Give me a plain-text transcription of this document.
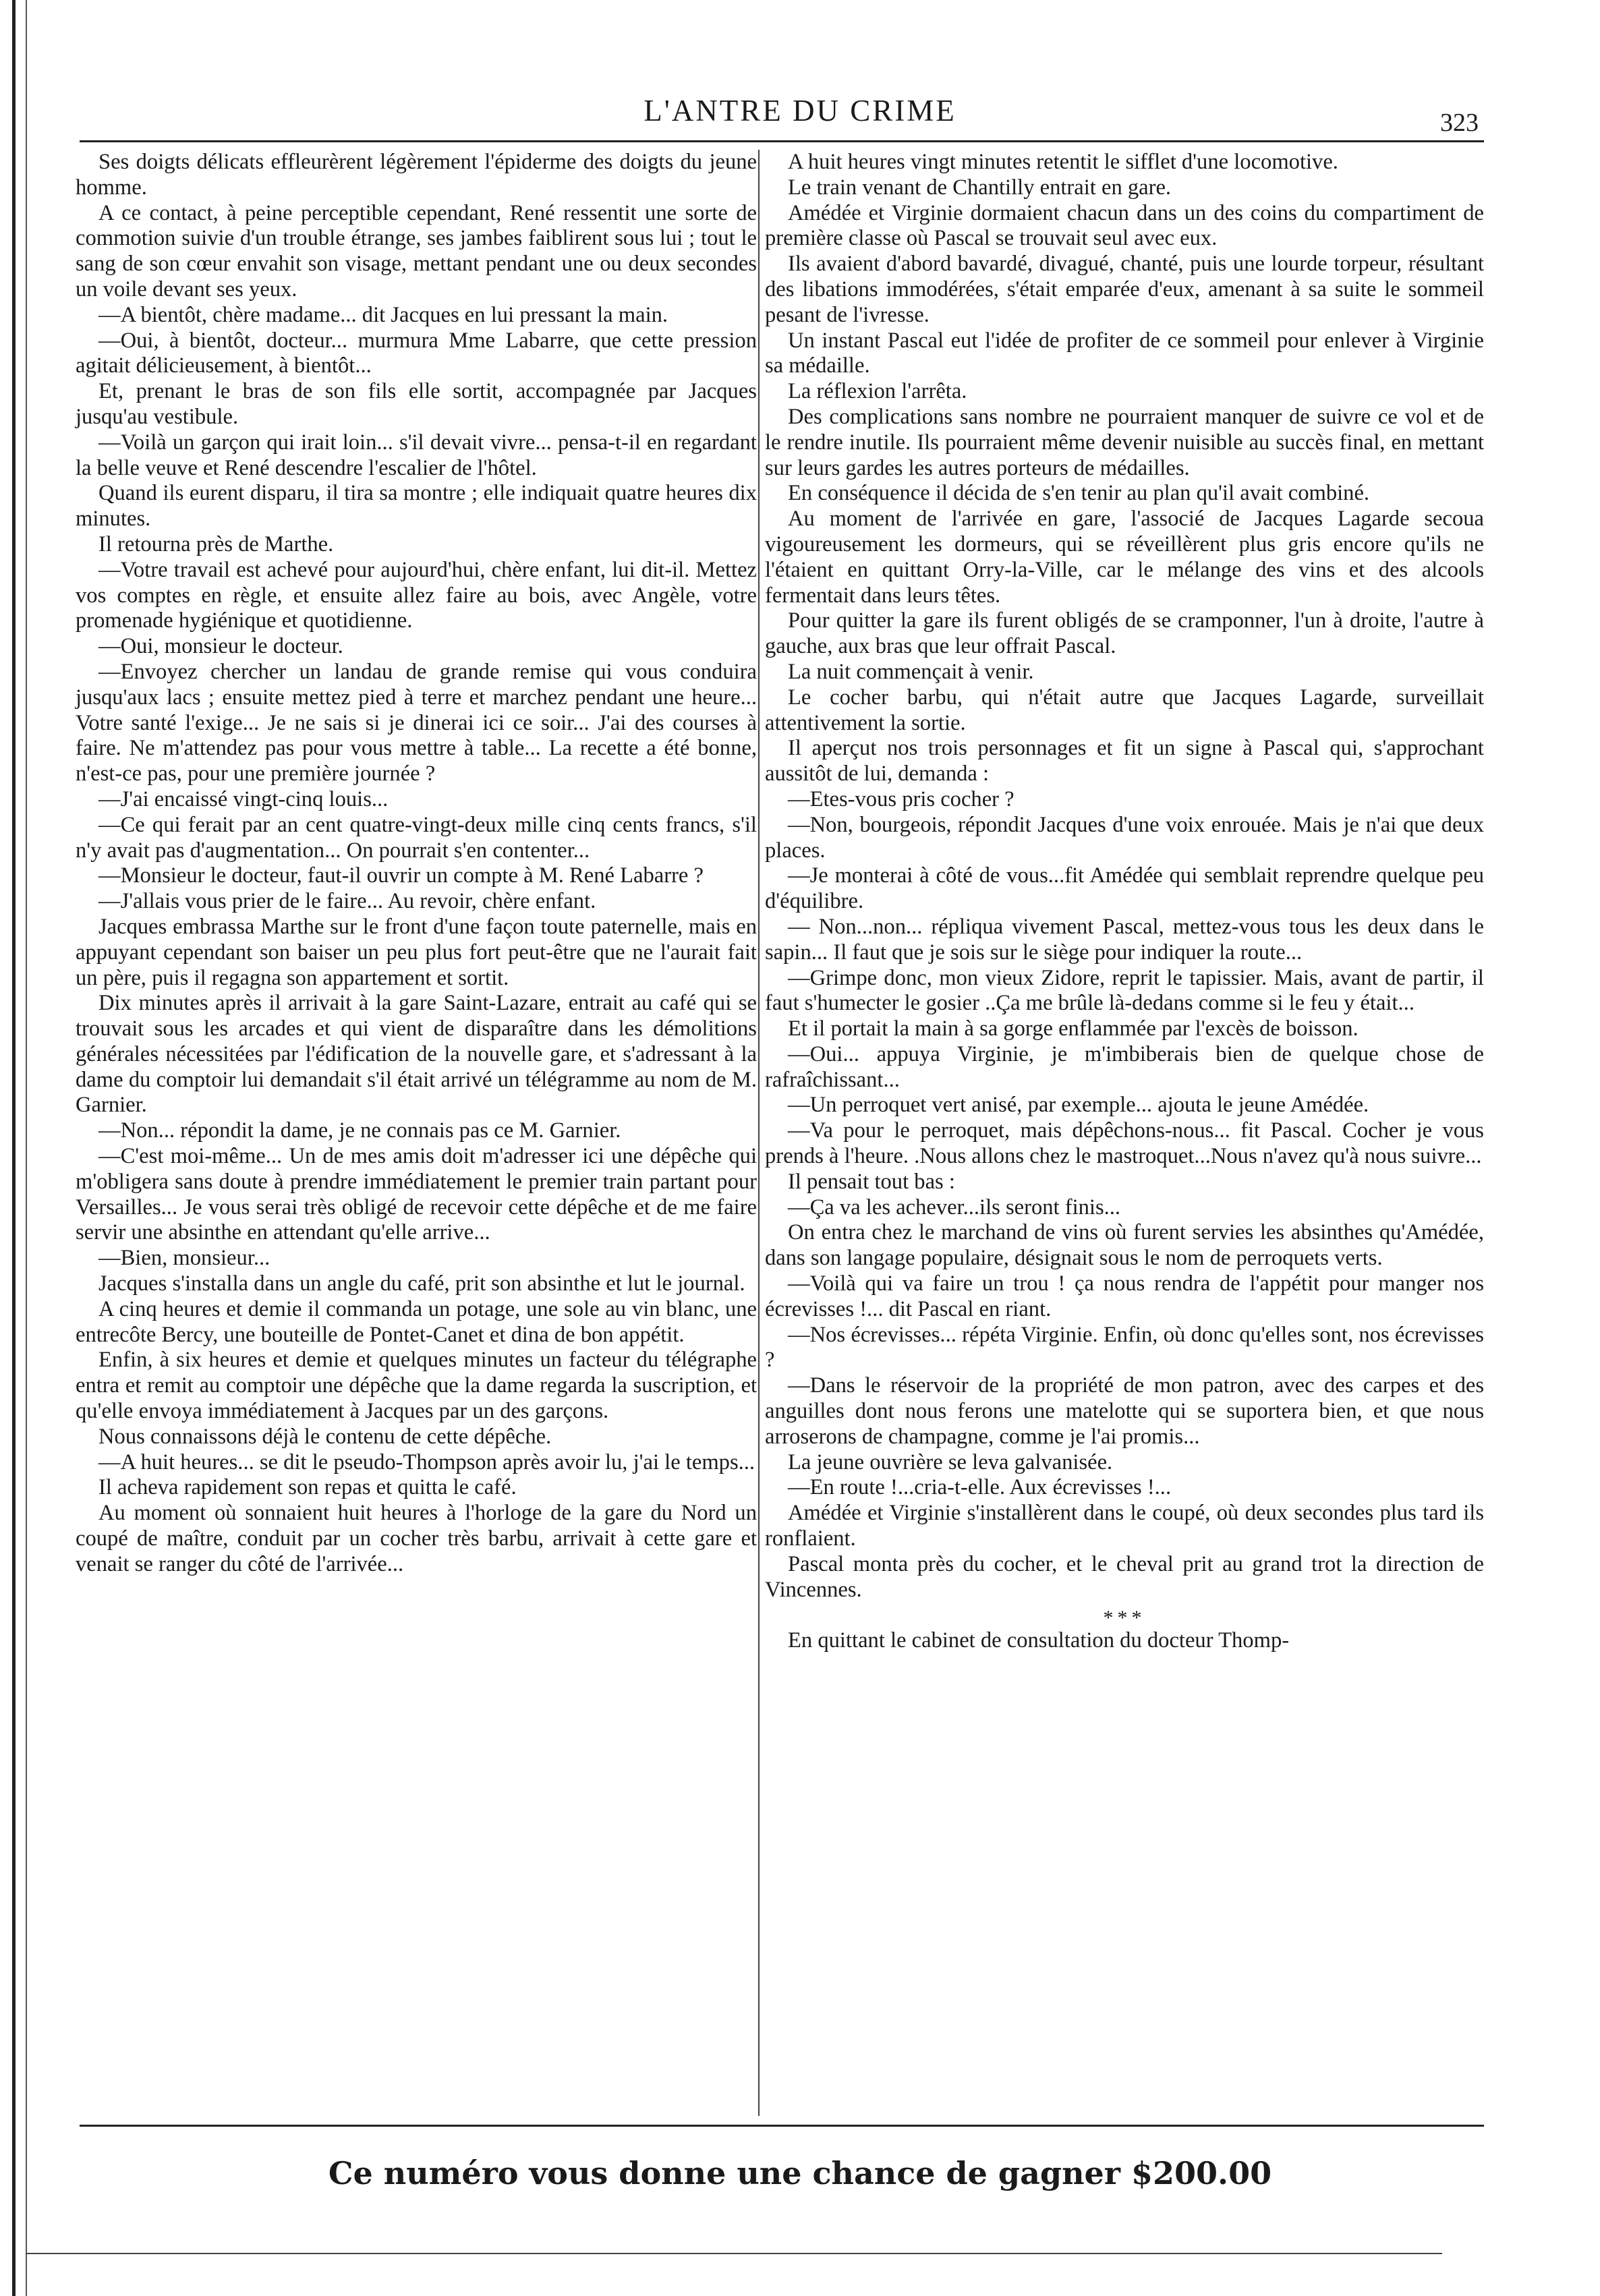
L'ANTRE DU CRIME	323

Ses doigts délicats effleurèrent légèrement l'épiderme des doigts du jeune homme.

A ce contact, à peine perceptible cependant, René ressentit une sorte de commotion suivie d'un trouble étrange, ses jambes faiblirent sous lui ; tout le sang de son cœur envahit son visage, mettant pendant une ou deux secondes un voile devant ses yeux.

—A bientôt, chère madame... dit Jacques en lui pressant la main.

—Oui, à bientôt, docteur... murmura Mme Labarre, que cette pression agitait délicieusement, à bientôt...

Et, prenant le bras de son fils elle sortit, accompagnée par Jacques jusqu'au vestibule.

—Voilà un garçon qui irait loin... s'il devait vivre... pensa-t-il en regardant la belle veuve et René descendre l'escalier de l'hôtel.

Quand ils eurent disparu, il tira sa montre ; elle indiquait quatre heures dix minutes.

Il retourna près de Marthe.

—Votre travail est achevé pour aujourd'hui, chère enfant, lui dit-il. Mettez vos comptes en règle, et ensuite allez faire au bois, avec Angèle, votre promenade hygiénique et quotidienne.

—Oui, monsieur le docteur.

—Envoyez chercher un landau de grande remise qui vous conduira jusqu'aux lacs ; ensuite mettez pied à terre et marchez pendant une heure... Votre santé l'exige... Je ne sais si je dinerai ici ce soir... J'ai des courses à faire. Ne m'attendez pas pour vous mettre à table... La recette a été bonne, n'est-ce pas, pour une première journée ?

—J'ai encaissé vingt-cinq louis...

—Ce qui ferait par an cent quatre-vingt-deux mille cinq cents francs, s'il n'y avait pas d'augmentation... On pourrait s'en contenter...

—Monsieur le docteur, faut-il ouvrir un compte à M. René Labarre ?

—J'allais vous prier de le faire... Au revoir, chère enfant.

Jacques embrassa Marthe sur le front d'une façon toute paternelle, mais en appuyant cependant son baiser un peu plus fort peut-être que ne l'aurait fait un père, puis il regagna son appartement et sortit.

Dix minutes après il arrivait à la gare Saint-Lazare, entrait au café qui se trouvait sous les arcades et qui vient de disparaître dans les démolitions générales nécessitées par l'édification de la nouvelle gare, et s'adressant à la dame du comptoir lui demandait s'il était arrivé un télégramme au nom de M. Garnier.

—Non... répondit la dame, je ne connais pas ce M. Garnier.

—C'est moi-même... Un de mes amis doit m'adresser ici une dépêche qui m'obligera sans doute à prendre immédiatement le premier train partant pour Versailles... Je vous serai très obligé de recevoir cette dépêche et de me faire servir une absinthe en attendant qu'elle arrive...

—Bien, monsieur...

Jacques s'installa dans un angle du café, prit son absinthe et lut le journal.

A cinq heures et demie il commanda un potage, une sole au vin blanc, une entrecôte Bercy, une bouteille de Pontet-Canet et dina de bon appétit.

Enfin, à six heures et demie et quelques minutes un facteur du télégraphe entra et remit au comptoir une dépêche que la dame regarda la suscription, et qu'elle envoya immédiatement à Jacques par un des garçons.

Nous connaissons déjà le contenu de cette dépêche.

—A huit heures... se dit le pseudo-Thompson après avoir lu, j'ai le temps...

Il acheva rapidement son repas et quitta le café.

Au moment où sonnaient huit heures à l'horloge de la gare du Nord un coupé de maître, conduit par un cocher très barbu, arrivait à cette gare et venait se ranger du côté de l'arrivée...

A huit heures vingt minutes retentit le sifflet d'une locomotive.

Le train venant de Chantilly entrait en gare.

Amédée et Virginie dormaient chacun dans un des coins du compartiment de première classe où Pascal se trouvait seul avec eux.

Ils avaient d'abord bavardé, divagué, chanté, puis une lourde torpeur, résultant des libations immodérées, s'était emparée d'eux, amenant à sa suite le sommeil pesant de l'ivresse.

Un instant Pascal eut l'idée de profiter de ce sommeil pour enlever à Virginie sa médaille.

La réflexion l'arrêta.

Des complications sans nombre ne pourraient manquer de suivre ce vol et de le rendre inutile. Ils pourraient même devenir nuisible au succès final, en mettant sur leurs gardes les autres porteurs de médailles.

En conséquence il décida de s'en tenir au plan qu'il avait combiné.

Au moment de l'arrivée en gare, l'associé de Jacques Lagarde secoua vigoureusement les dormeurs, qui se réveillèrent plus gris encore qu'ils ne l'étaient en quittant Orry-la-Ville, car le mélange des vins et des alcools fermentait dans leurs têtes.

Pour quitter la gare ils furent obligés de se cramponner, l'un à droite, l'autre à gauche, aux bras que leur offrait Pascal.

La nuit commençait à venir.

Le cocher barbu, qui n'était autre que Jacques Lagarde, surveillait attentivement la sortie.

Il aperçut nos trois personnages et fit un signe à Pascal qui, s'approchant aussitôt de lui, demanda :

—Etes-vous pris cocher ?

—Non, bourgeois, répondit Jacques d'une voix enrouée. Mais je n'ai que deux places.

—Je monterai à côté de vous...fit Amédée qui semblait reprendre quelque peu d'équilibre.

— Non...non... répliqua vivement Pascal, mettez-vous tous les deux dans le sapin... Il faut que je sois sur le siège pour indiquer la route...

—Grimpe donc, mon vieux Zidore, reprit le tapissier. Mais, avant de partir, il faut s'humecter le gosier ..Ça me brûle là-dedans comme si le feu y était...

Et il portait la main à sa gorge enflammée par l'excès de boisson.

—Oui... appuya Virginie, je m'imbiberais bien de quelque chose de rafraîchissant...

—Un perroquet vert anisé, par exemple... ajouta le jeune Amédée.

—Va pour le perroquet, mais dépêchons-nous... fit Pascal. Cocher je vous prends à l'heure. .Nous allons chez le mastroquet...Nous n'avez qu'à nous suivre...

Il pensait tout bas :

—Ça va les achever...ils seront finis...

On entra chez le marchand de vins où furent servies les absinthes qu'Amédée, dans son langage populaire, désignait sous le nom de perroquets verts.

—Voilà qui va faire un trou ! ça nous rendra de l'appétit pour manger nos écrevisses !... dit Pascal en riant.

—Nos écrevisses... répéta Virginie. Enfin, où donc qu'elles sont, nos écrevisses ?

—Dans le réservoir de la propriété de mon patron, avec des carpes et des anguilles dont nous ferons une matelotte qui se suportera bien, et que nous arroserons de champagne, comme je l'ai promis...

La jeune ouvrière se leva galvanisée.

—En route !...cria-t-elle. Aux écrevisses !...

Amédée et Virginie s'installèrent dans le coupé, où deux secondes plus tard ils ronflaient.

Pascal monta près du cocher, et le cheval prit au grand trot la direction de Vincennes.

***

En quittant le cabinet de consultation du docteur Thomp-

Ce numéro vous donne une chance de gagner $200.00
